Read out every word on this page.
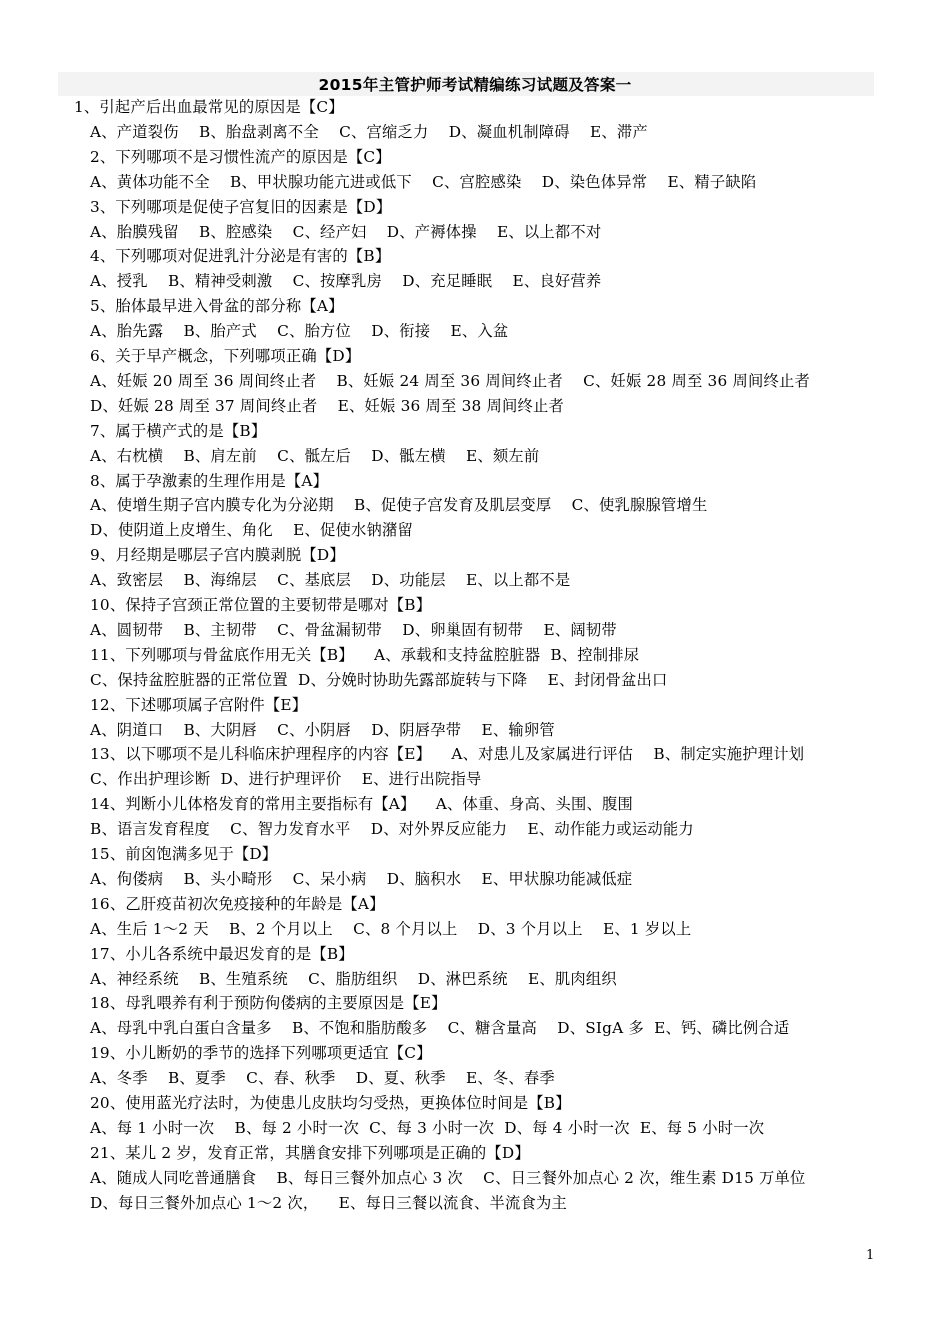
2015年主管护师考试精编练习试题及答案一
1、引起产后出血最常见的原因是【C】
A、产道裂伤    B、胎盘剥离不全    C、宫缩乏力    D、凝血机制障碍    E、滞产
2、下列哪项不是习惯性流产的原因是【C】
A、黄体功能不全    B、甲状腺功能亢进或低下    C、宫腔感染    D、染色体异常    E、精子缺陷
3、下列哪项是促使子宫复旧的因素是【D】
A、胎膜残留    B、腔感染    C、经产妇    D、产褥体操    E、以上都不对
4、下列哪项对促进乳汁分泌是有害的【B】
A、授乳    B、精神受刺激    C、按摩乳房    D、充足睡眠    E、良好营养
5、胎体最早进入骨盆的部分称【A】
A、胎先露    B、胎产式    C、胎方位    D、衔接    E、入盆
6、关于早产概念，下列哪项正确【D】
A、妊娠 20 周至 36 周间终止者    B、妊娠 24 周至 36 周间终止者    C、妊娠 28 周至 36 周间终止者
D、妊娠 28 周至 37 周间终止者    E、妊娠 36 周至 38 周间终止者
7、属于横产式的是【B】
A、右枕横    B、肩左前    C、骶左后    D、骶左横    E、颏左前
8、属于孕激素的生理作用是【A】
A、使增生期子宫内膜专化为分泌期    B、促使子宫发育及肌层变厚    C、使乳腺腺管增生
D、使阴道上皮增生、角化    E、促使水钠潴留
9、月经期是哪层子宫内膜剥脱【D】
A、致密层    B、海绵层    C、基底层    D、功能层    E、以上都不是
10、保持子宫颈正常位置的主要韧带是哪对【B】
A、圆韧带    B、主韧带    C、骨盆漏韧带    D、卵巢固有韧带    E、阔韧带
11、下列哪项与骨盆底作用无关【B】    A、承载和支持盆腔脏器  B、控制排尿
C、保持盆腔脏器的正常位置  D、分娩时协助先露部旋转与下降    E、封闭骨盆出口
12、下述哪项属子宫附件【E】
A、阴道口    B、大阴唇    C、小阴唇    D、阴唇孕带    E、输卵管
13、以下哪项不是儿科临床护理程序的内容【E】    A、对患儿及家属进行评估    B、制定实施护理计划
C、作出护理诊断  D、进行护理评价    E、进行出院指导
14、判断小儿体格发育的常用主要指标有【A】    A、体重、身高、头围、腹围
B、语言发育程度    C、智力发育水平    D、对外界反应能力    E、动作能力或运动能力
15、前囟饱满多见于【D】
A、佝偻病    B、头小畸形    C、呆小病    D、脑积水    E、甲状腺功能减低症
16、乙肝疫苗初次免疫接种的年龄是【A】
A、生后 1～2 天    B、2 个月以上    C、8 个月以上    D、3 个月以上    E、1 岁以上
17、小儿各系统中最迟发育的是【B】
A、神经系统    B、生殖系统    C、脂肪组织    D、淋巴系统    E、肌肉组织
18、母乳喂养有利于预防佝偻病的主要原因是【E】
A、母乳中乳白蛋白含量多    B、不饱和脂肪酸多    C、糖含量高    D、SIgA 多  E、钙、磷比例合适
19、小儿断奶的季节的选择下列哪项更适宜【C】
A、冬季    B、夏季    C、春、秋季    D、夏、秋季    E、冬、春季
20、使用蓝光疗法时，为使患儿皮肤均匀受热，更换体位时间是【B】
A、每 1 小时一次    B、每 2 小时一次  C、每 3 小时一次  D、每 4 小时一次  E、每 5 小时一次
21、某儿 2 岁，发育正常，其膳食安排下列哪项是正确的【D】
A、随成人同吃普通膳食    B、每日三餐外加点心 3 次    C、日三餐外加点心 2 次，维生素 D15 万单位
D、每日三餐外加点心 1～2 次，    E、每日三餐以流食、半流食为主
1
